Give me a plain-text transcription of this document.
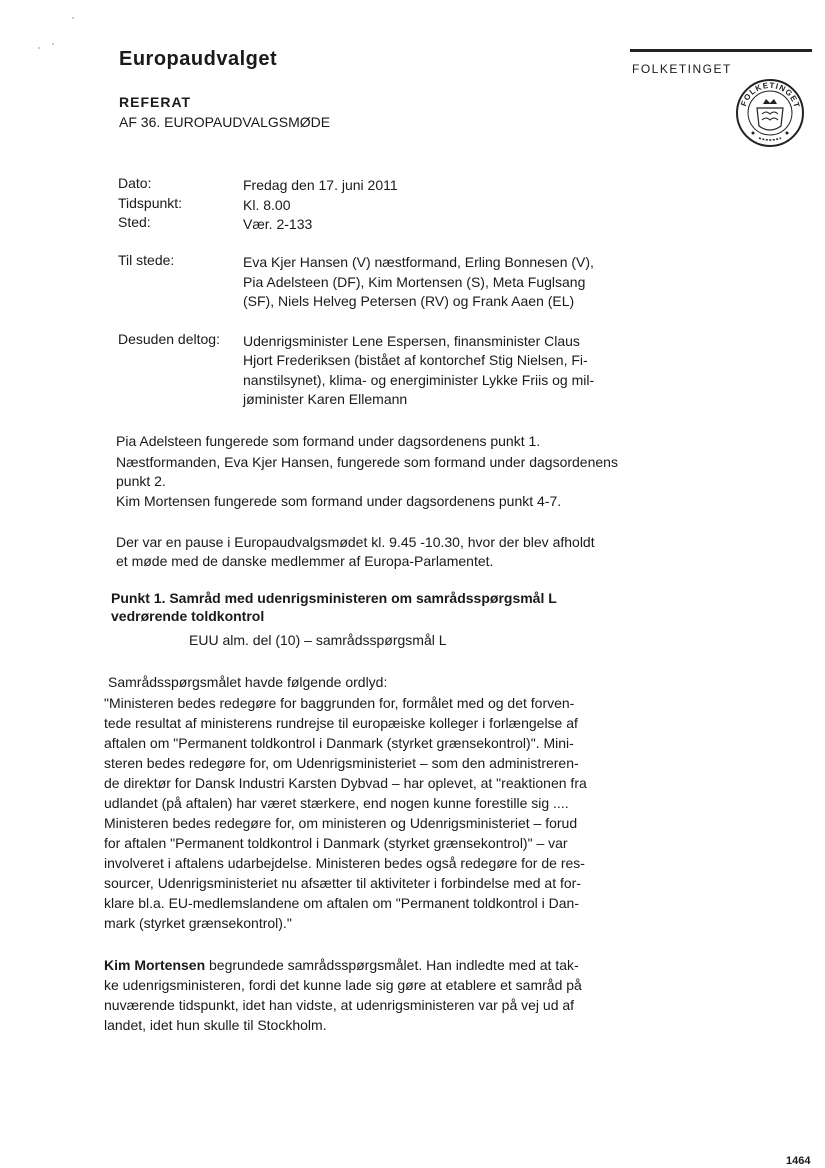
Europaudvalget	FOLKETINGET
FOLKETINGET
REFERAT
AF 36. EUROPAUDVALGSMØDE
Dato:	Fredag den 17. juni 2011
Tidspunkt:	Kl. 8.00
Sted:	Vær. 2-133
Til stede:	Eva Kjer Hansen (V) næstformand, Erling Bonnesen (V),
Pia Adelsteen (DF), Kim Mortensen (S), Meta Fuglsang
(SF), Niels Helveg Petersen (RV) og Frank Aaen (EL)
Desuden deltog:	Udenrigsminister Lene Espersen, finansminister Claus
Hjort Frederiksen (bistået af kontorchef Stig Nielsen, Fi-
nanstilsynet), klima- og energiminister Lykke Friis og mil-
jøminister Karen Ellemann
Pia Adelsteen fungerede som formand under dagsordenens punkt 1.
Næstformanden, Eva Kjer Hansen, fungerede som formand under dagsordenens
punkt 2.
Kim Mortensen fungerede som formand under dagsordenens punkt 4-7.
Der var en pause i Europaudvalgsmødet kl. 9.45 -10.30, hvor der blev afholdt
et møde med de danske medlemmer af Europa-Parlamentet.
Punkt 1. Samråd med udenrigsministeren om samrådsspørgsmål L
vedrørende toldkontrol
EUU alm. del (10) – samrådsspørgsmål L
Samrådsspørgsmålet havde følgende ordlyd:
"Ministeren bedes redegøre for baggrunden for, formålet med og det forven-
tede resultat af ministerens rundrejse til europæiske kolleger i forlængelse af
aftalen om "Permanent toldkontrol i Danmark (styrket grænsekontrol)". Mini-
steren bedes redegøre for, om Udenrigsministeriet – som den administreren-
de direktør for Dansk Industri Karsten Dybvad – har oplevet, at "reaktionen fra
udlandet (på aftalen) har været stærkere, end nogen kunne forestille sig ....
Ministeren bedes redegøre for, om ministeren og Udenrigsministeriet – forud
for aftalen "Permanent toldkontrol i Danmark (styrket grænsekontrol)" – var
involveret i aftalens udarbejdelse. Ministeren bedes også redegøre for de res-
sourcer, Udenrigsministeriet nu afsætter til aktiviteter i forbindelse med at for-
klare bl.a. EU-medlemslandene om aftalen om "Permanent toldkontrol i Dan-
mark (styrket grænsekontrol)."
Kim Mortensen begrundede samrådsspørgsmålet. Han indledte med at tak-
ke udenrigsministeren, fordi det kunne lade sig gøre at etablere et samråd på
nuværende tidspunkt, idet han vidste, at udenrigsministeren var på vej ud af
landet, idet hun skulle til Stockholm.
1464
